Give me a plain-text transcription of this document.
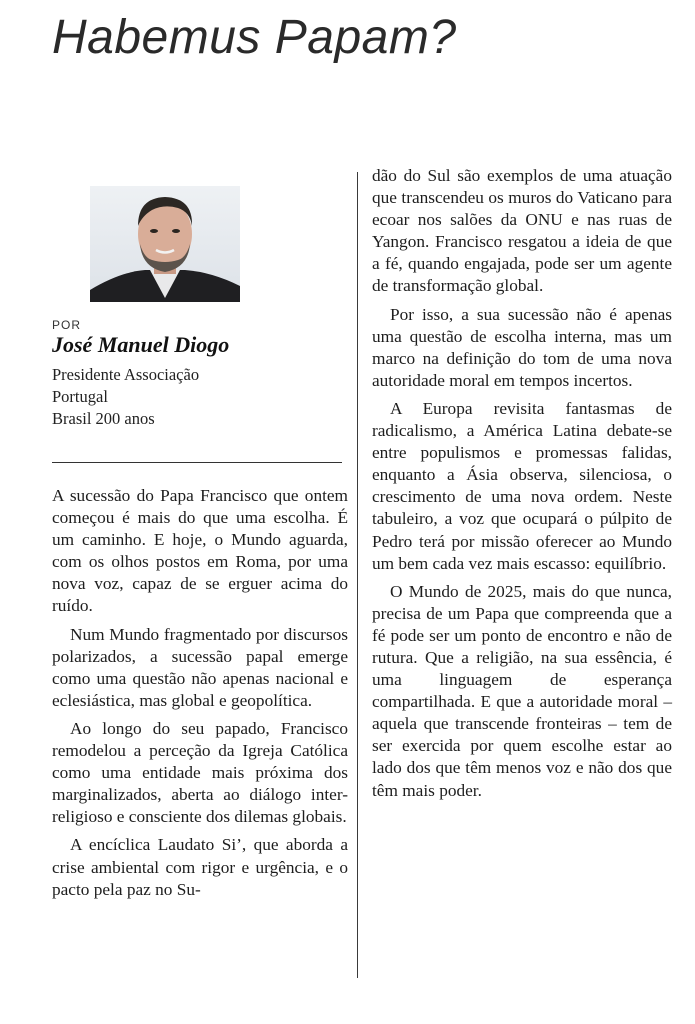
Habemus Papam?
POR
José Manuel Diogo
Presidente Associação
Portugal
Brasil 200 anos

A sucessão do Papa Francisco que ontem começou é mais do que uma escolha. É um caminho. E hoje, o Mundo aguarda, com os olhos postos em Roma, por uma nova voz, capaz de se erguer acima do ruído.

Num Mundo fragmentado por discursos polarizados, a sucessão papal emerge como uma questão não apenas nacional e eclesiástica, mas global e geopolítica.

Ao longo do seu papado, Francisco remodelou a perceção da Igreja Católica como uma entidade mais próxima dos marginalizados, aberta ao diálogo inter-religioso e consciente dos dilemas globais.

A encíclica Laudato Si’, que aborda a crise ambiental com rigor e urgência, e o pacto pela paz no Su-

dão do Sul são exemplos de uma atuação que transcendeu os muros do Vaticano para ecoar nos salões da ONU e nas ruas de Yangon. Francisco resgatou a ideia de que a fé, quando engajada, pode ser um agente de transformação global.

Por isso, a sua sucessão não é apenas uma questão de escolha interna, mas um marco na definição do tom de uma nova autoridade moral em tempos incertos.

A Europa revisita fantasmas de radicalismo, a América Latina debate-se entre populismos e promessas falidas, enquanto a Ásia observa, silenciosa, o crescimento de uma nova ordem. Neste tabuleiro, a voz que ocupará o púlpito de Pedro terá por missão oferecer ao Mundo um bem cada vez mais escasso: equilíbrio.

O Mundo de 2025, mais do que nunca, precisa de um Papa que compreenda que a fé pode ser um ponto de encontro e não de rutura. Que a religião, na sua essência, é uma linguagem de esperança compartilhada. E que a autoridade moral – aquela que transcende fronteiras – tem de ser exercida por quem escolhe estar ao lado dos que têm menos voz e não dos que têm mais poder.
